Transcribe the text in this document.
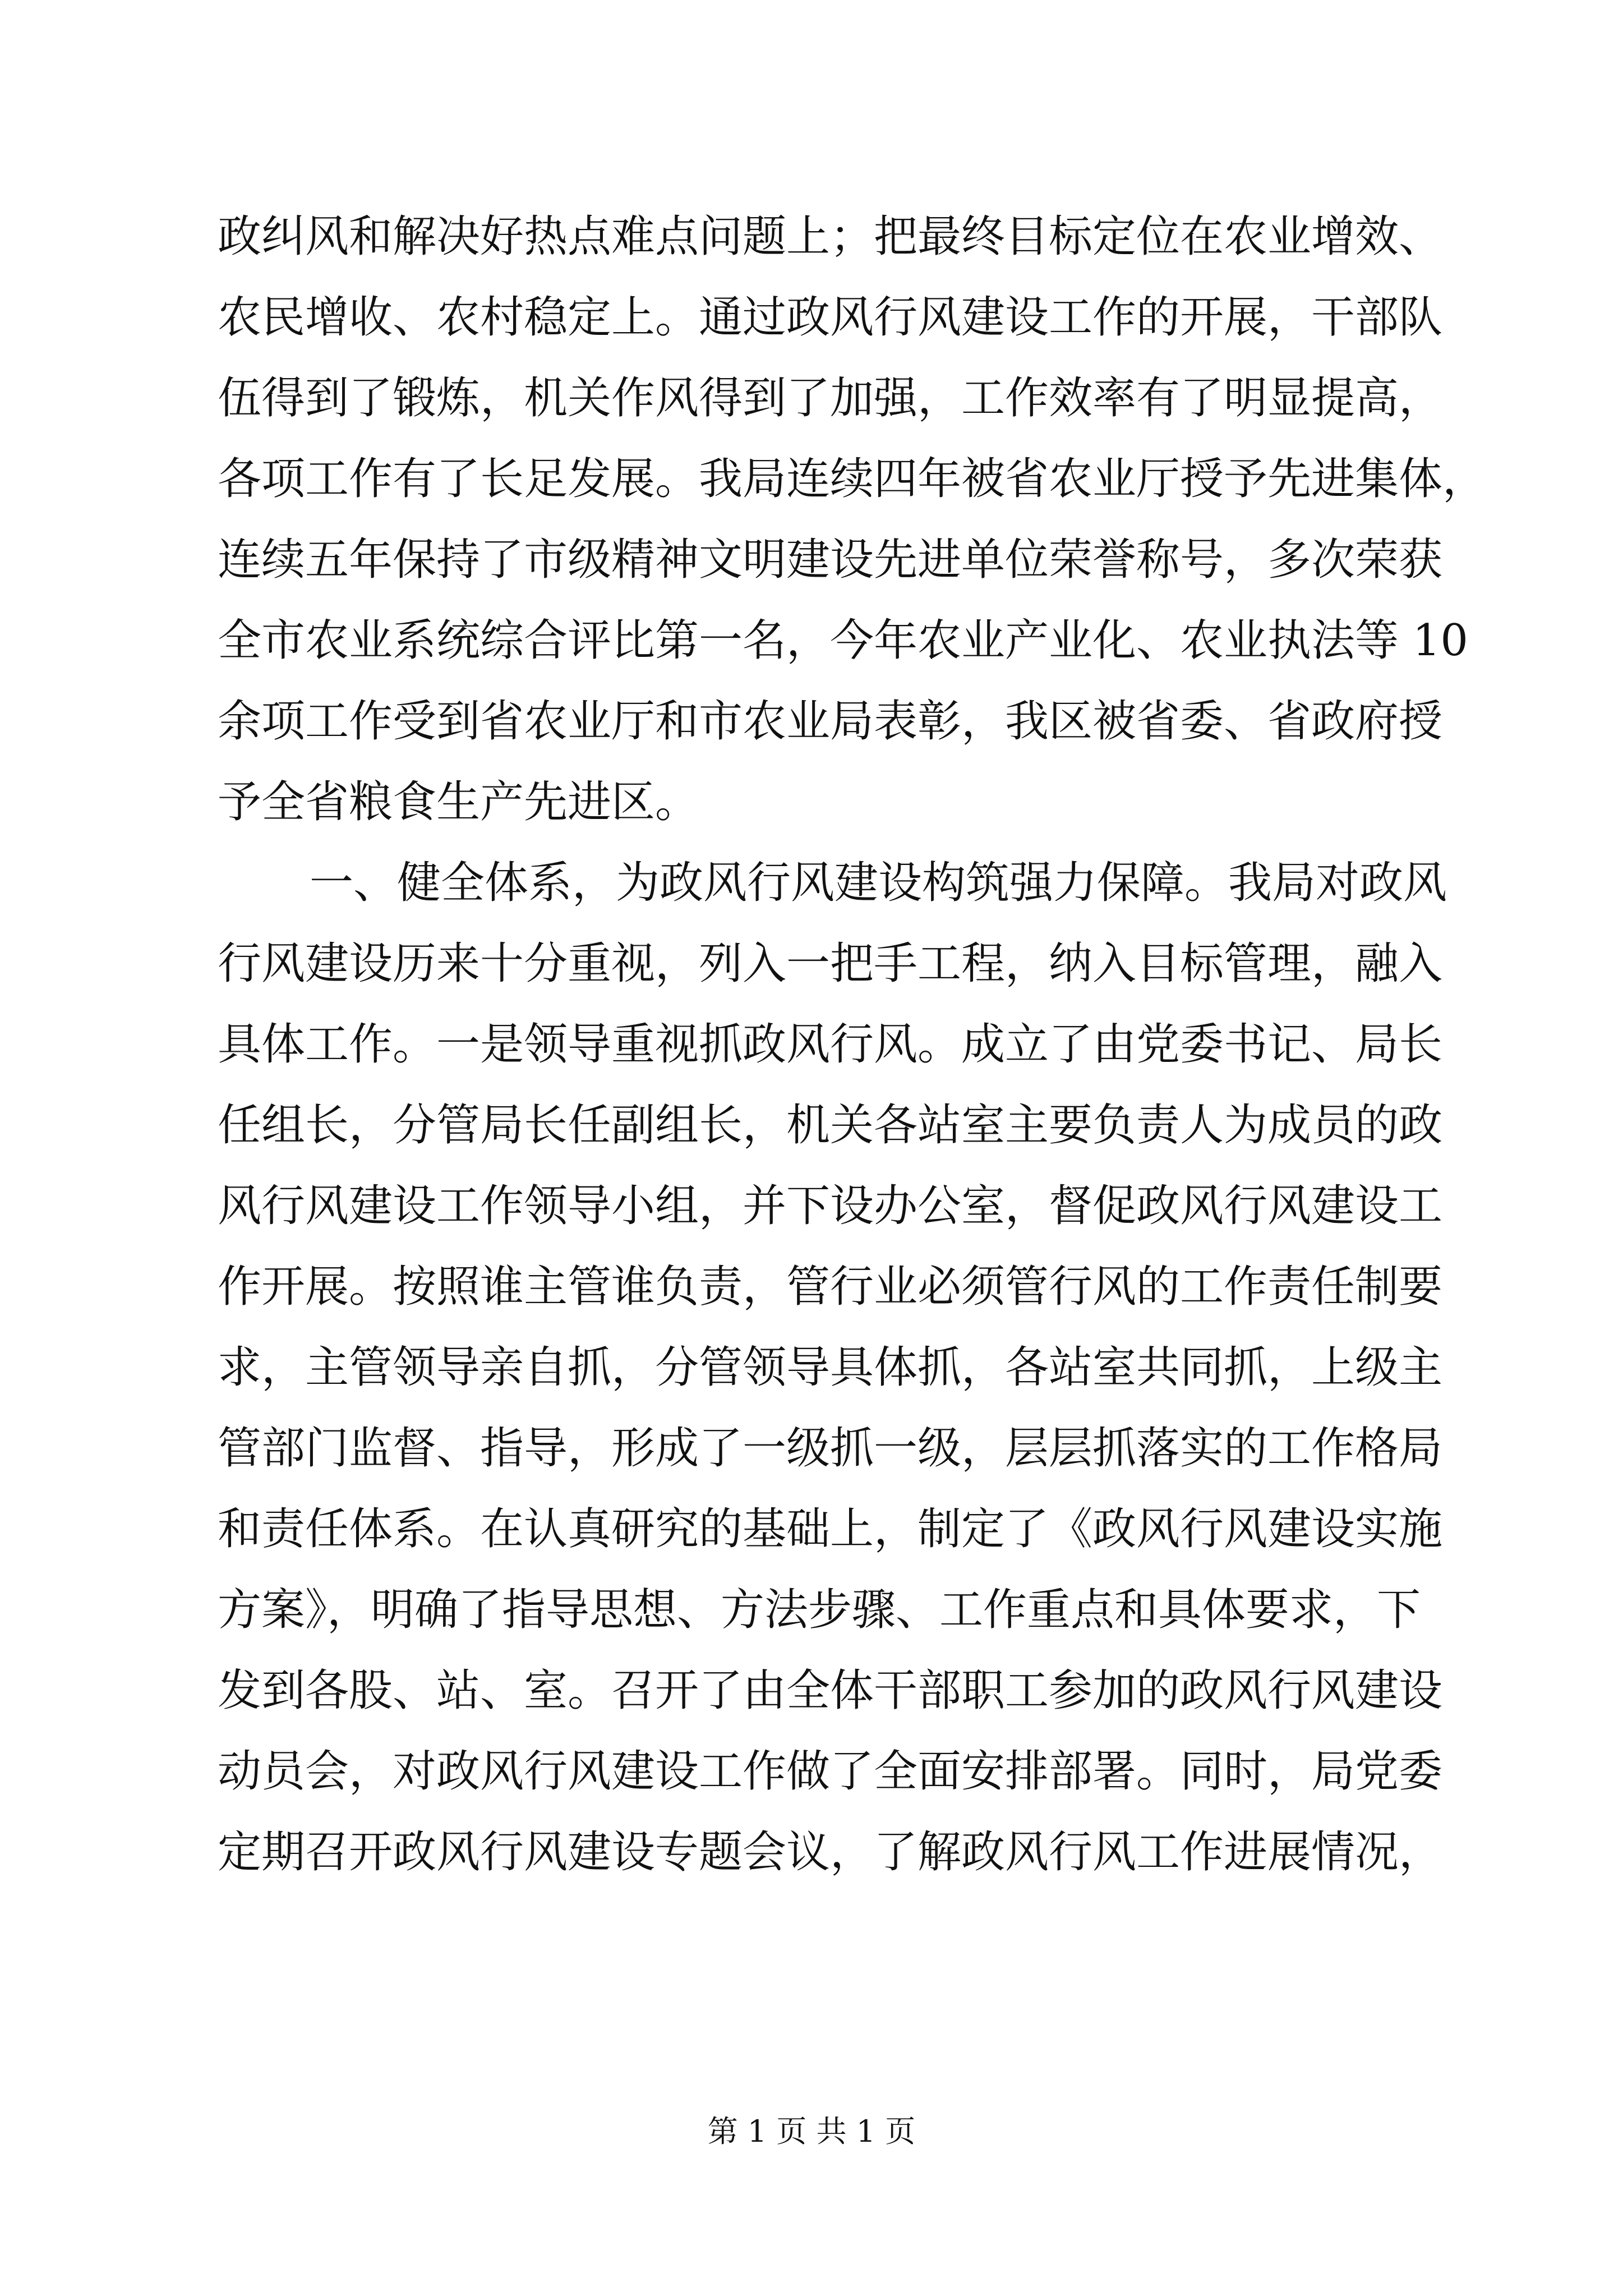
政纠风和解决好热点难点问题上；把最终目标定位在农业增效、
农民增收、农村稳定上。通过政风行风建设工作的开展，干部队
伍得到了锻炼，机关作风得到了加强，工作效率有了明显提高，
各项工作有了长足发展。我局连续四年被省农业厅授予先进集体，
连续五年保持了市级精神文明建设先进单位荣誉称号，多次荣获
全市农业系统综合评比第一名，今年农业产业化、农业执法等 10
余项工作受到省农业厅和市农业局表彰，我区被省委、省政府授
予全省粮食生产先进区。
一、健全体系，为政风行风建设构筑强力保障。我局对政风
行风建设历来十分重视，列入一把手工程，纳入目标管理，融入
具体工作。一是领导重视抓政风行风。成立了由党委书记、局长
任组长，分管局长任副组长，机关各站室主要负责人为成员的政
风行风建设工作领导小组，并下设办公室，督促政风行风建设工
作开展。按照谁主管谁负责，管行业必须管行风的工作责任制要
求，主管领导亲自抓，分管领导具体抓，各站室共同抓，上级主
管部门监督、指导，形成了一级抓一级，层层抓落实的工作格局
和责任体系。在认真研究的基础上，制定了《政风行风建设实施
方案》，明确了指导思想、方法步骤、工作重点和具体要求，下
发到各股、站、室。召开了由全体干部职工参加的政风行风建设
动员会，对政风行风建设工作做了全面安排部署。同时，局党委
定期召开政风行风建设专题会议，了解政风行风工作进展情况，
第 1 页 共 1 页
